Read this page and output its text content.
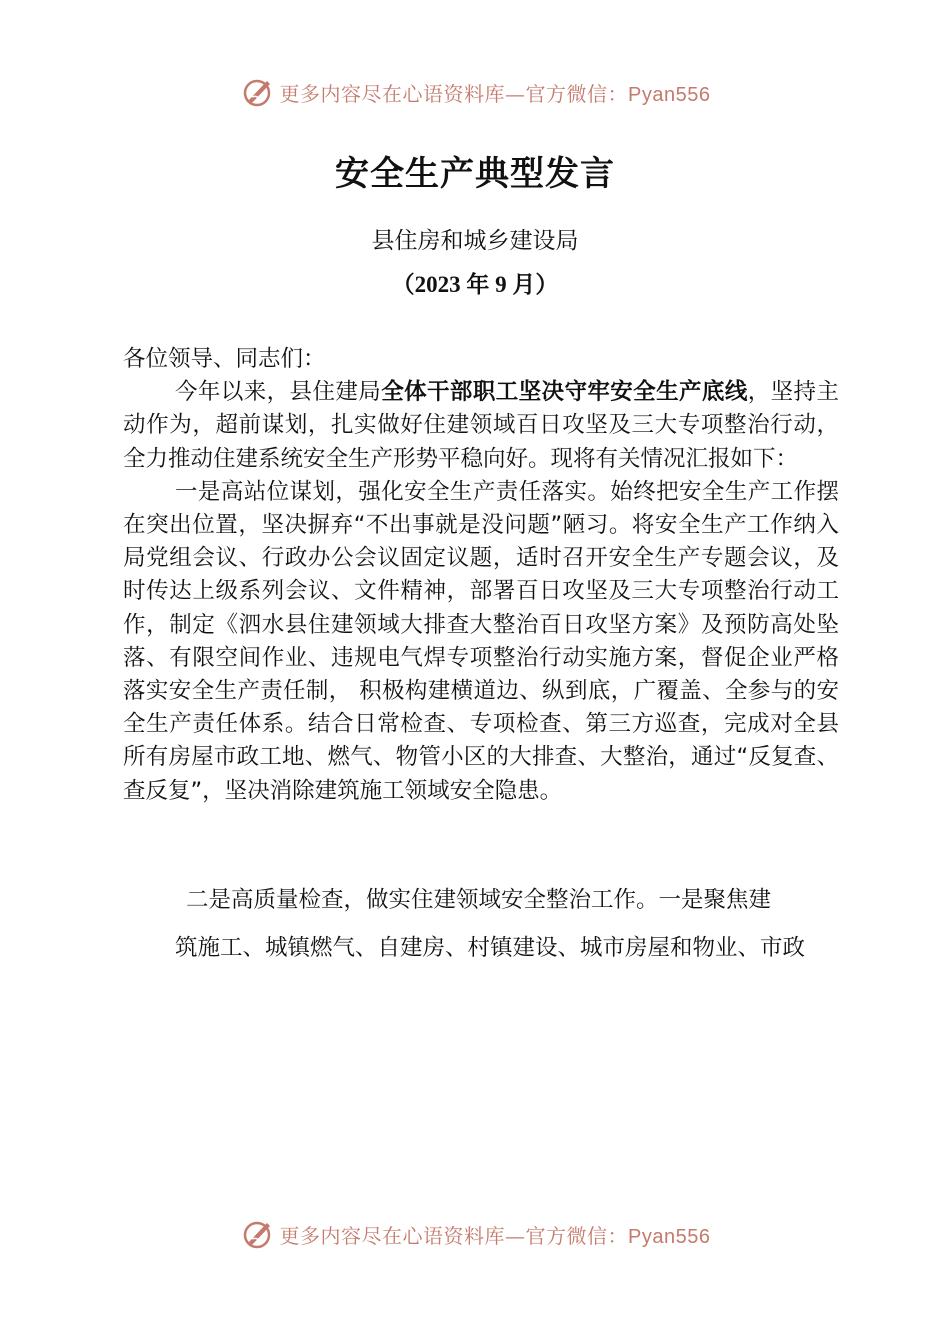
更多内容尽在心语资料库—官方微信：Pyan556
安全生产典型发言
县住房和城乡建设局
（2023 年 9 月）

各位领导、同志们：

今年以来，县住建局全体干部职工坚决守牢安全生产底线，坚持主动作为，超前谋划，扎实做好住建领域百日攻坚及三大专项整治行动，全力推动住建系统安全生产形势平稳向好。现将有关情况汇报如下：

一是高站位谋划，强化安全生产责任落实。始终把安全生产工作摆在突出位置，坚决摒弃“不出事就是没问题”陋习。将安全生产工作纳入局党组会议、行政办公会议固定议题，适时召开安全生产专题会议，及时传达上级系列会议、文件精神，部署百日攻坚及三大专项整治行动工作，制定《泗水县住建领域大排查大整治百日攻坚方案》及预防高处坠落、有限空间作业、违规电气焊专项整治行动实施方案，督促企业严格落实安全生产责任制， 积极构建横道边、纵到底，广覆盖、全参与的安全生产责任体系。结合日常检查、专项检查、第三方巡查，完成对全县所有房屋市政工地、燃气、物管小区的大排查、大整治，通过“反复查、查反复”，坚决消除建筑施工领域安全隐患。

二是高质量检查，做实住建领域安全整治工作。一是聚焦建

筑施工、城镇燃气、自建房、村镇建设、城市房屋和物业、市政

更多内容尽在心语资料库—官方微信：Pyan556
